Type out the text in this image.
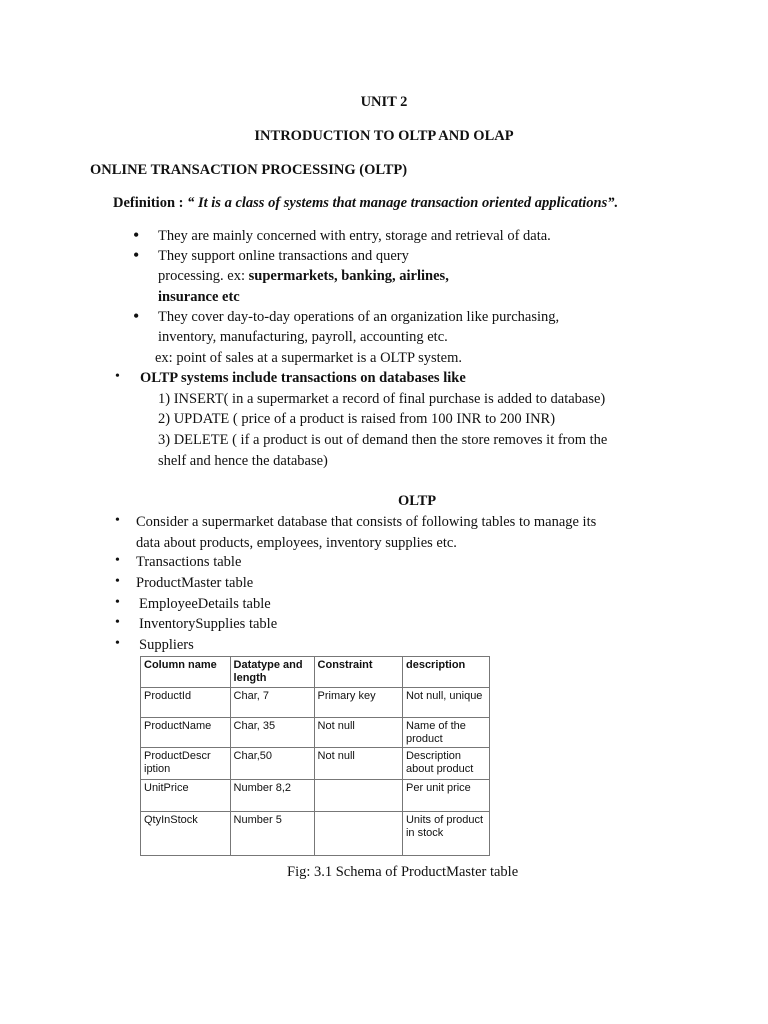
UNIT 2
INTRODUCTION TO OLTP AND OLAP
ONLINE TRANSACTION PROCESSING (OLTP)
Definition : “ It is a class of systems that manage transaction oriented applications”.
• They are mainly concerned with entry, storage and retrieval of data.
• They support online transactions and query
processing. ex: supermarkets, banking, airlines,
insurance etc
• They cover day-to-day operations of an organization like purchasing,
inventory, manufacturing, payroll, accounting etc.
ex: point of sales at a supermarket is a OLTP system.
• OLTP systems include transactions on databases like
1) INSERT( in a supermarket a record of final purchase is added to database)
2) UPDATE ( price of a product is raised from 100 INR to 200 INR)
3) DELETE ( if a product is out of demand then the store removes it from the
shelf and hence the database)
OLTP
• Consider a supermarket database that consists of following tables to manage its
data about products, employees, inventory supplies etc.
• Transactions table
• ProductMaster table
• EmployeeDetails table
• InventorySupplies table
• Suppliers
Column name	Datatype and length	Constraint	description
ProductId	Char, 7	Primary key	Not null, unique
ProductName	Char, 35	Not null	Name of the product
ProductDescr iption	Char,50	Not null	Description about product
UnitPrice	Number 8,2		Per unit price
QtyInStock	Number 5		Units of product in stock
Fig: 3.1 Schema of ProductMaster table
